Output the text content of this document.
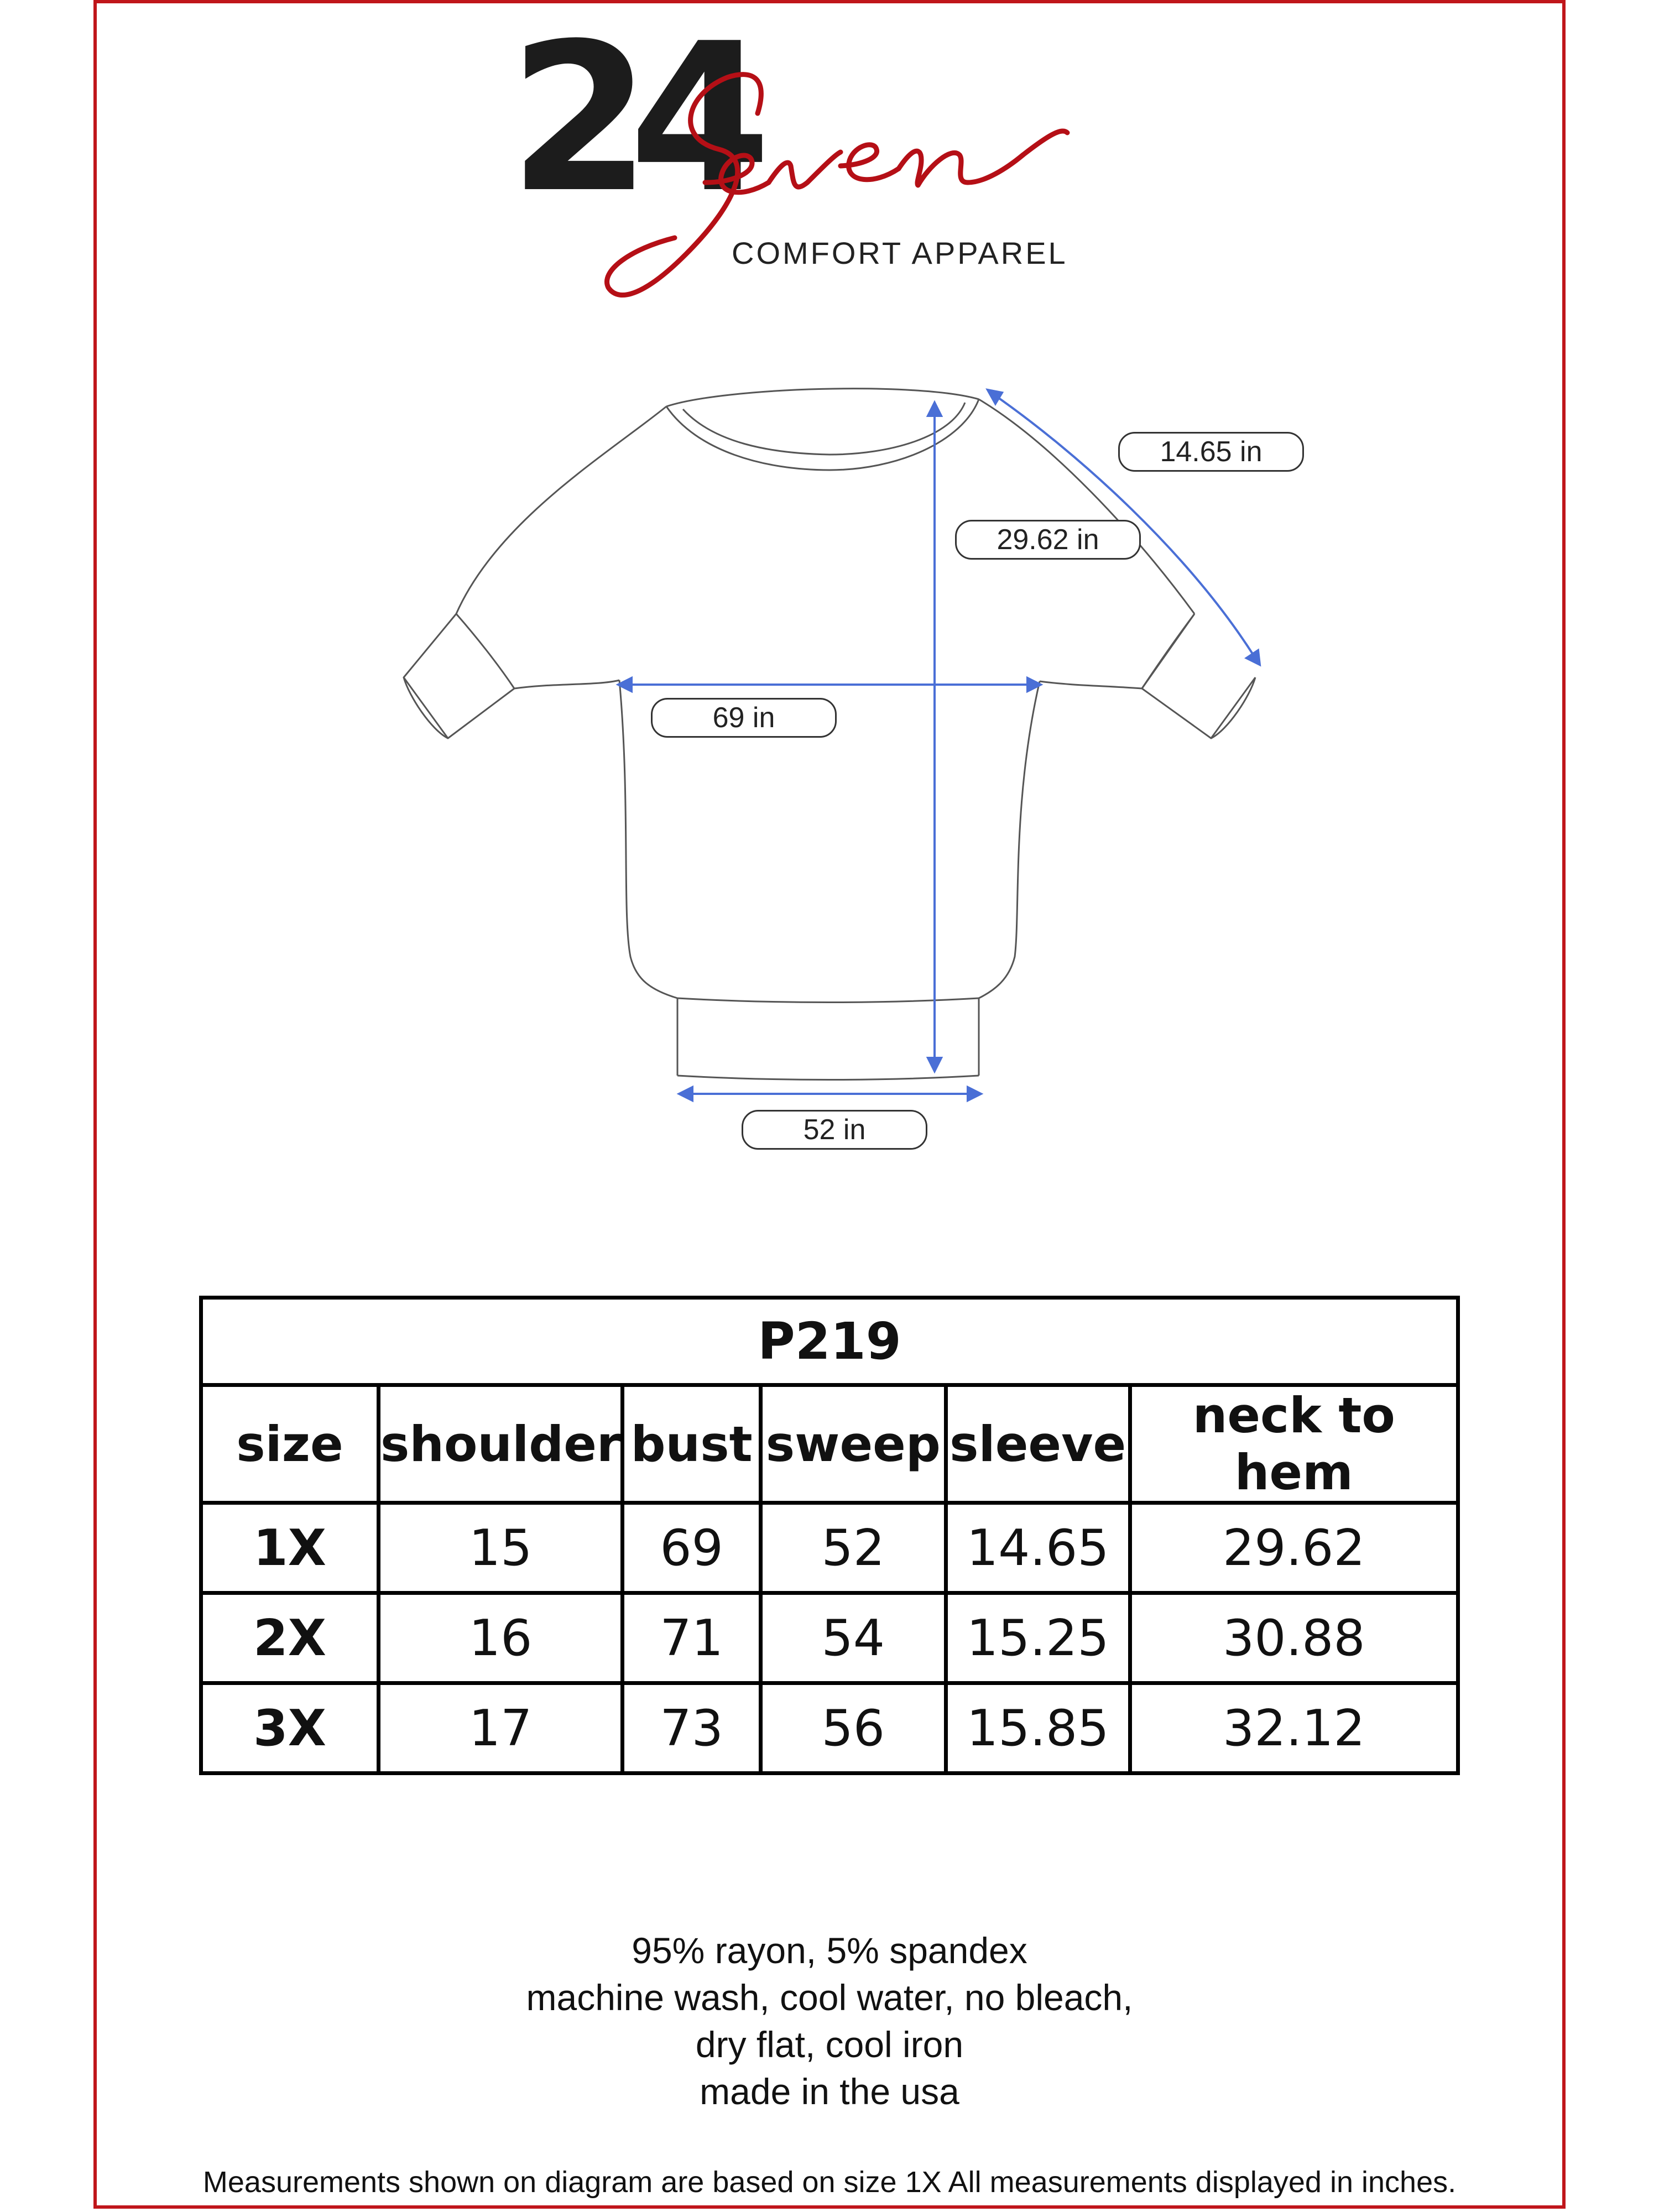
24
COMFORT APPAREL
14.65 in
29.62 in
69 in
52 in
P219					
size	shoulder	bust	sweep	sleeve	neck to hem
1X	15	69	52	14.65	29.62
2X	16	71	54	15.25	30.88
3X	17	73	56	15.85	32.12
95% rayon, 5% spandex
machine wash, cool water, no bleach,
dry flat, cool iron
made in the usa
Measurements shown on diagram are based on size 1X All measurements displayed in inches.
